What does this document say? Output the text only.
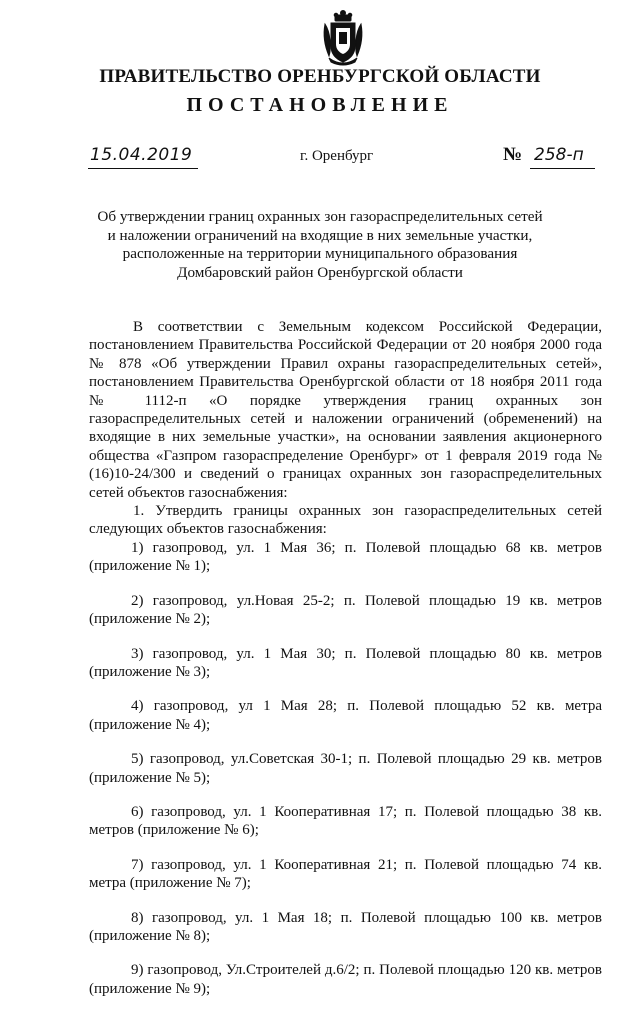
ПРАВИТЕЛЬСТВО ОРЕНБУРГСКОЙ ОБЛАСТИ
ПОСТАНОВЛЕНИЕ
15.04.2019	г. Оренбург	№ 258-п
Об утверждении границ охранных зон газораспределительных сетей
и наложении ограничений на входящие в них земельные участки,
расположенные на территории муниципального образования
Домбаровский район Оренбургской области

В соответствии с Земельным кодексом Российской Федерации, постановлением Правительства Российской Федерации от 20 ноября 2000 года № 878 «Об утверждении Правил охраны газораспределительных сетей», постановлением Правительства Оренбургской области от 18 ноября 2011 года № 1112-п «О порядке утверждения границ охранных зон газораспределительных сетей и наложении ограничений (обременений) на входящие в них земельные участки», на основании заявления акционерного общества «Газпром газораспределение Оренбург» от 1 февраля 2019 года № (16)10-24/300 и сведений о границах охранных зон газораспределительных сетей объектов газоснабжения:

1. Утвердить границы охранных зон газораспределительных сетей следующих объектов газоснабжения:

1) газопровод, ул. 1 Мая 36; п. Полевой площадью 68 кв. метров (приложение № 1);

2) газопровод, ул.Новая 25-2; п. Полевой площадью 19 кв. метров (приложение № 2);

3) газопровод, ул. 1 Мая 30; п. Полевой площадью 80 кв. метров (приложение № 3);

4) газопровод, ул 1 Мая 28; п. Полевой площадью 52 кв. метра (приложение № 4);

5) газопровод, ул.Советская 30-1; п. Полевой площадью 29 кв. метров (приложение № 5);

6) газопровод, ул. 1 Кооперативная 17; п. Полевой площадью 38 кв. метров (приложение № 6);

7) газопровод, ул. 1 Кооперативная 21; п. Полевой площадью 74 кв. метра (приложение № 7);

8) газопровод, ул. 1 Мая 18; п. Полевой площадью 100 кв. метров (приложение № 8);

9) газопровод, Ул.Строителей д.6/2; п. Полевой площадью 120 кв. метров (приложение № 9);
